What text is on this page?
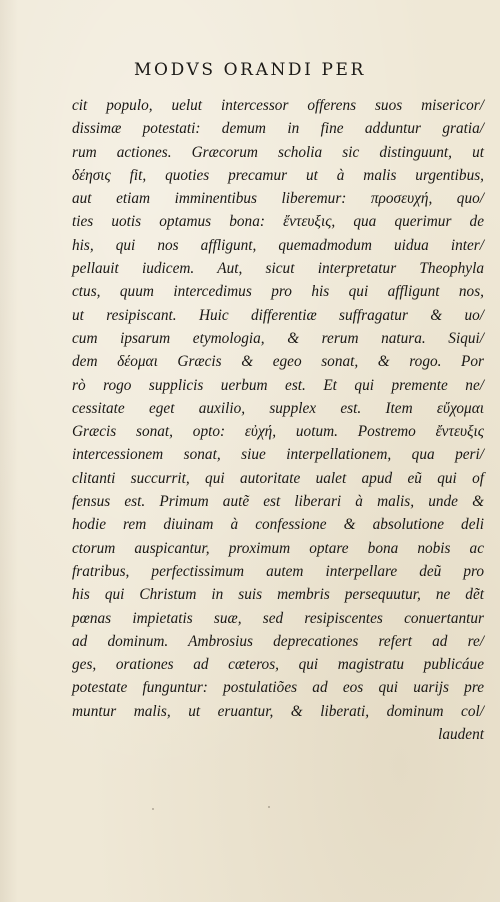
MODVS ORANDI PER
cit populo, uelut intercessor offerens suos misericor/
dissimæ potestati: demum in fine adduntur gratia/
rum actiones. Græcorum scholia sic distinguunt, ut
δέησις fit, quoties precamur ut à malis urgentibus,
aut etiam imminentibus liberemur: προσευχή, quo/
ties uotis optamus bona: ἔντευξις, qua querimur de
his, qui nos affligunt, quemadmodum uidua inter/
pellauit iudicem. Aut, sicut interpretatur Theophyla
ctus, quum intercedimus pro his qui affligunt nos,
ut resipiscant. Huic differentiæ suffragatur & uo/
cum ipsarum etymologia, & rerum natura. Siqui/
dem δέομαι Græcis & egeo sonat, & rogo. Por
rò rogo supplicis uerbum est. Et qui premente ne/
cessitate eget auxilio, supplex est. Item εὔχομαι
Græcis sonat, opto: εὐχή, uotum. Postremo ἔντευξις
intercessionem sonat, siue interpellationem, qua peri/
clitanti succurrit, qui autoritate ualet apud eũ qui of
fensus est. Primum autẽ est liberari à malis, unde &
hodie rem diuinam à confessione & absolutione deli
ctorum auspicantur, proximum optare bona nobis ac
fratribus, perfectissimum autem interpellare deũ pro
his qui Christum in suis membris persequutur, ne dẽt
pœnas impietatis suæ, sed resipiscentes conuertantur
ad dominum. Ambrosius deprecationes refert ad re/
ges, orationes ad cæteros, qui magistratu publicáue
potestate funguntur: postulatiões ad eos qui uarijs pre
muntur malis, ut eruantur, & liberati, dominum col/
laudent
